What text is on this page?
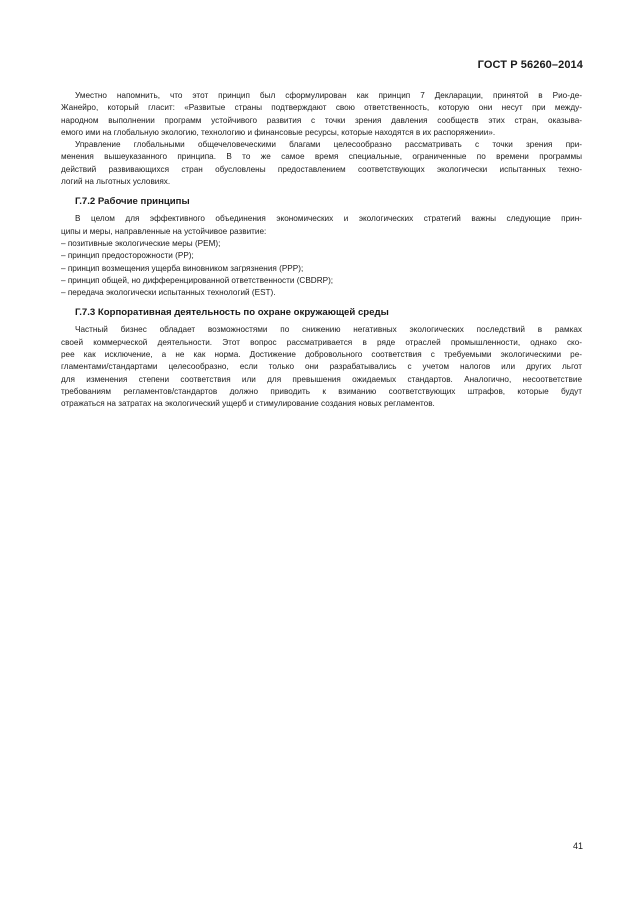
ГОСТ Р 56260–2014
Уместно напомнить, что этот принцип был сформулирован как принцип 7 Декларации, принятой в Рио-де-
Жанейро, который гласит: «Развитые страны подтверждают свою ответственность, которую они несут при между-
народном выполнении программ устойчивого развития с точки зрения давления сообществ этих стран, оказыва-
емого ими на глобальную экологию, технологию и финансовые ресурсы, которые находятся в их распоряжении».
Управление глобальными общечеловеческими благами целесообразно рассматривать с точки зрения при-
менения вышеуказанного принципа. В то же самое время специальные, ограниченные по времени программы
действий развивающихся стран обусловлены предоставлением соответствующих экологически испытанных техно-
логий на льготных условиях.
Г.7.2 Рабочие принципы
В целом для эффективного объединения экономических и экологических стратегий важны следующие прин-
ципы и меры, направленные на устойчивое развитие:
– позитивные экологические меры (PEM);
– принцип предосторожности (PP);
– принцип возмещения ущерба виновником загрязнения (PPP);
– принцип общей, но дифференцированной ответственности (CBDRP);
– передача экологически испытанных технологий (EST).
Г.7.3 Корпоративная деятельность по охране окружающей среды
Частный бизнес обладает возможностями по снижению негативных экологических последствий в рамках
своей коммерческой деятельности. Этот вопрос рассматривается в ряде отраслей промышленности, однако ско-
рее как исключение, а не как норма. Достижение добровольного соответствия с требуемыми экологическими ре-
гламентами/стандартами целесообразно, если только они разрабатывались с учетом налогов или других льгот
для изменения степени соответствия или для превышения ожидаемых стандартов. Аналогично, несоответствие
требованиям регламентов/стандартов должно приводить к взиманию соответствующих штрафов, которые будут
отражаться на затратах на экологический ущерб и стимулирование создания новых регламентов.
41
